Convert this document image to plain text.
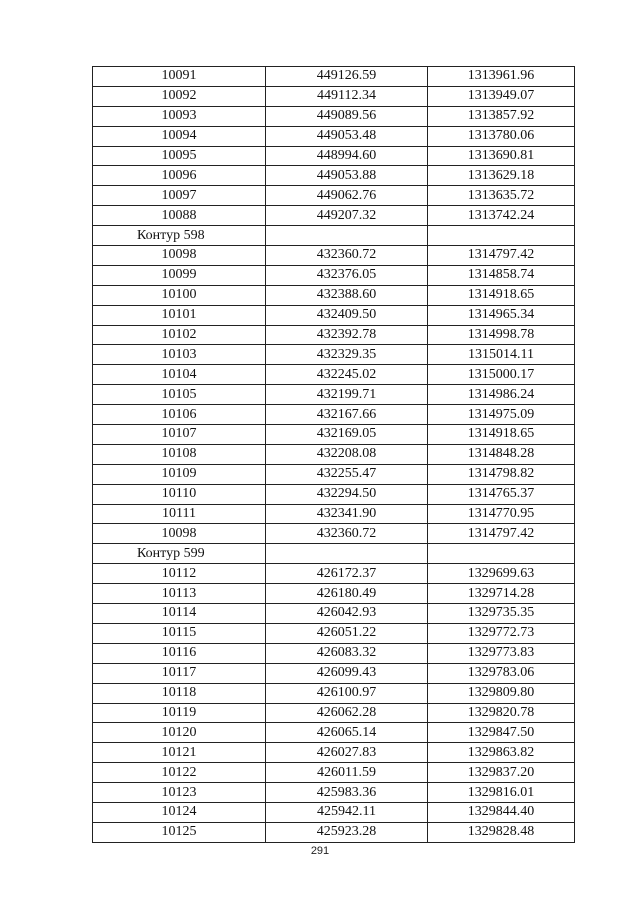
10091	449126.59	1313961.96
10092	449112.34	1313949.07
10093	449089.56	1313857.92
10094	449053.48	1313780.06
10095	448994.60	1313690.81
10096	449053.88	1313629.18
10097	449062.76	1313635.72
10088	449207.32	1313742.24
Контур 598		
10098	432360.72	1314797.42
10099	432376.05	1314858.74
10100	432388.60	1314918.65
10101	432409.50	1314965.34
10102	432392.78	1314998.78
10103	432329.35	1315014.11
10104	432245.02	1315000.17
10105	432199.71	1314986.24
10106	432167.66	1314975.09
10107	432169.05	1314918.65
10108	432208.08	1314848.28
10109	432255.47	1314798.82
10110	432294.50	1314765.37
10111	432341.90	1314770.95
10098	432360.72	1314797.42
Контур 599		
10112	426172.37	1329699.63
10113	426180.49	1329714.28
10114	426042.93	1329735.35
10115	426051.22	1329772.73
10116	426083.32	1329773.83
10117	426099.43	1329783.06
10118	426100.97	1329809.80
10119	426062.28	1329820.78
10120	426065.14	1329847.50
10121	426027.83	1329863.82
10122	426011.59	1329837.20
10123	425983.36	1329816.01
10124	425942.11	1329844.40
10125	425923.28	1329828.48
291
